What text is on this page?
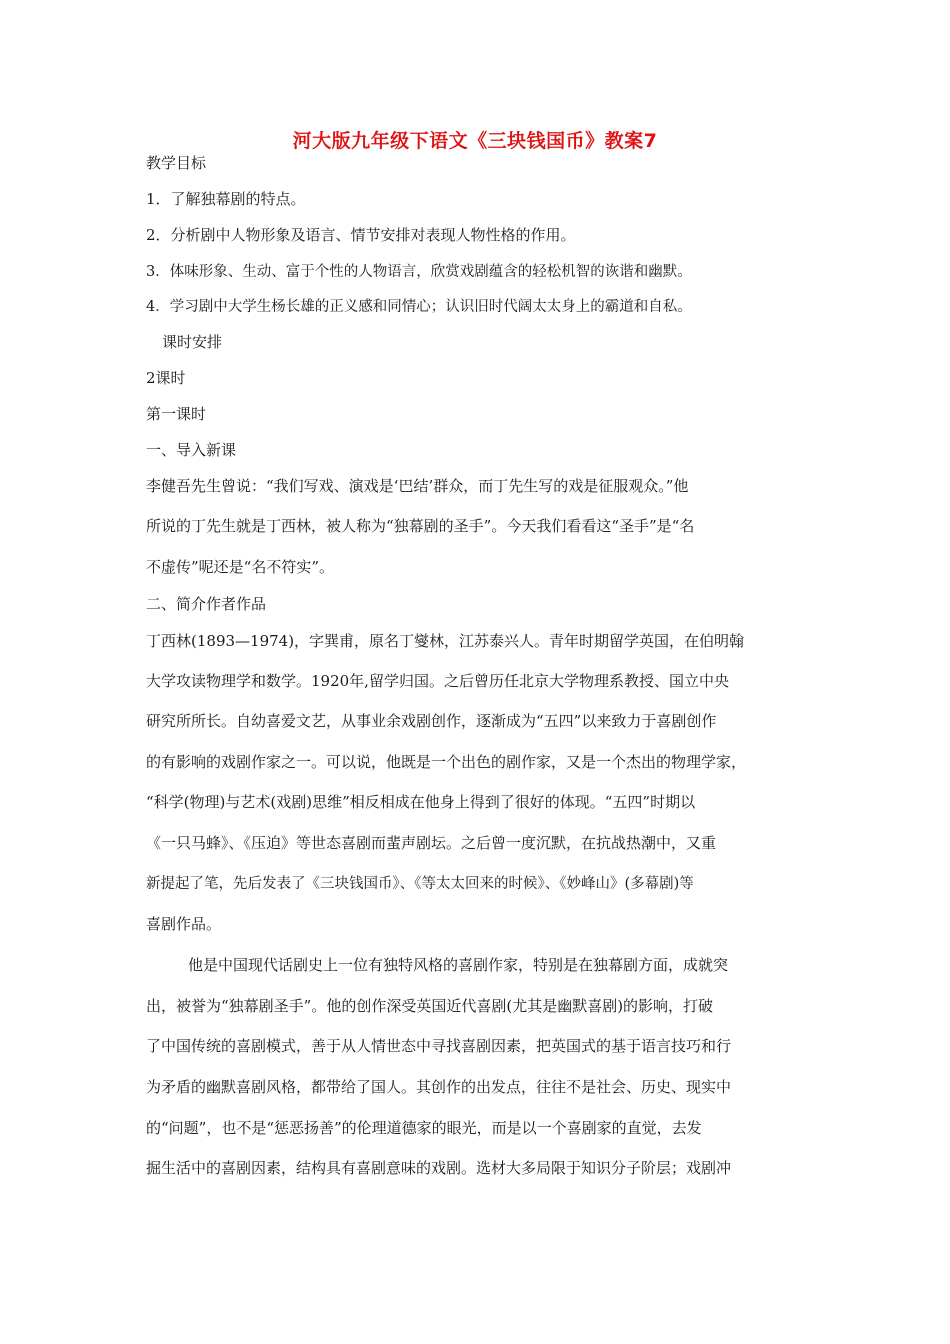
河大版九年级下语文《三块钱国币》教案7
教学目标
1．了解独幕剧的特点。
2．分析剧中人物形象及语言、情节安排对表现人物性格的作用。
3．体味形象、生动、富于个性的人物语言，欣赏戏剧蕴含的轻松机智的诙谐和幽默。
4．学习剧中大学生杨长雄的正义感和同情心；认识旧时代阔太太身上的霸道和自私。
课时安排
2课时
第一课时
一、导入新课
李健吾先生曾说：“我们写戏、演戏是‘巴结’群众，而丁先生写的戏是征服观众。”他
所说的丁先生就是丁西林，被人称为“独幕剧的圣手”。今天我们看看这“圣手”是“名
不虚传”呢还是“名不符实”。
二、简介作者作品
丁西林(1893—1974)，字巽甫，原名丁燮林，江苏泰兴人。青年时期留学英国，在伯明翰
大学攻读物理学和数学。1920年,留学归国。之后曾历任北京大学物理系教授、国立中央
研究所所长。自幼喜爱文艺，从事业余戏剧创作，逐渐成为“五四”以来致力于喜剧创作
的有影响的戏剧作家之一。可以说，他既是一个出色的剧作家，又是一个杰出的物理学家，
“科学(物理)与艺术(戏剧)思维”相反相成在他身上得到了很好的体现。“五四”时期以
《一只马蜂》、《压迫》等世态喜剧而蜚声剧坛。之后曾一度沉默，在抗战热潮中，又重
新提起了笔，先后发表了《三块钱国币》、《等太太回来的时候》、《妙峰山》(多幕剧)等
喜剧作品。
他是中国现代话剧史上一位有独特风格的喜剧作家，特别是在独幕剧方面，成就突
出，被誉为“独幕剧圣手”。他的创作深受英国近代喜剧(尤其是幽默喜剧)的影响，打破
了中国传统的喜剧模式，善于从人情世态中寻找喜剧因素，把英国式的基于语言技巧和行
为矛盾的幽默喜剧风格，都带给了国人。其创作的出发点，往往不是社会、历史、现实中
的“问题”，也不是“惩恶扬善”的伦理道德家的眼光，而是以一个喜剧家的直觉，去发
掘生活中的喜剧因素，结构具有喜剧意味的戏剧。选材大多局限于知识分子阶层；戏剧冲
